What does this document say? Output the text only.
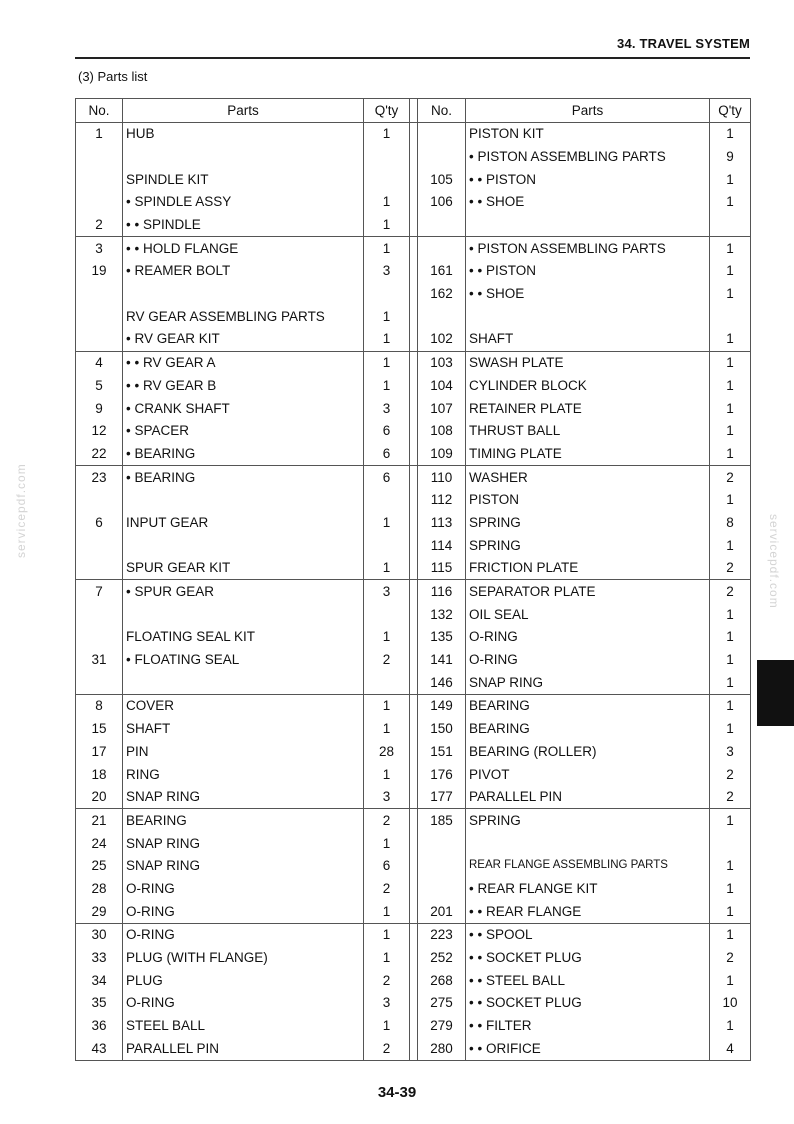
34. TRAVEL SYSTEM
(3) Parts list
No.	Parts	Q'ty		No.	Parts	Q'ty
1	HUB	1			PISTON KIT	1
					• PISTON ASSEMBLING PARTS	9
	SPINDLE KIT			105	• • PISTON	1
	• SPINDLE ASSY	1		106	• • SHOE	1
2	• • SPINDLE	1				
3	• • HOLD FLANGE	1			• PISTON ASSEMBLING PARTS	1
19	• REAMER BOLT	3		161	• • PISTON	1
				162	• • SHOE	1
	RV GEAR ASSEMBLING PARTS	1				
	• RV GEAR KIT	1		102	SHAFT	1
4	• • RV GEAR A	1		103	SWASH PLATE	1
5	• • RV GEAR B	1		104	CYLINDER BLOCK	1
9	• CRANK SHAFT	3		107	RETAINER PLATE	1
12	• SPACER	6		108	THRUST BALL	1
22	• BEARING	6		109	TIMING PLATE	1
23	• BEARING	6		110	WASHER	2
				112	PISTON	1
6	INPUT GEAR	1		113	SPRING	8
				114	SPRING	1
	SPUR GEAR KIT	1		115	FRICTION PLATE	2
7	• SPUR GEAR	3		116	SEPARATOR PLATE	2
				132	OIL SEAL	1
	FLOATING SEAL KIT	1		135	O-RING	1
31	• FLOATING SEAL	2		141	O-RING	1
				146	SNAP RING	1
8	COVER	1		149	BEARING	1
15	SHAFT	1		150	BEARING	1
17	PIN	28		151	BEARING (ROLLER)	3
18	RING	1		176	PIVOT	2
20	SNAP RING	3		177	PARALLEL PIN	2
21	BEARING	2		185	SPRING	1
24	SNAP RING	1				
25	SNAP RING	6			REAR FLANGE ASSEMBLING PARTS	1
28	O-RING	2			• REAR FLANGE KIT	1
29	O-RING	1		201	• • REAR FLANGE	1
30	O-RING	1		223	• • SPOOL	1
33	PLUG (WITH FLANGE)	1		252	• • SOCKET PLUG	2
34	PLUG	2		268	• • STEEL BALL	1
35	O-RING	3		275	• • SOCKET PLUG	10
36	STEEL BALL	1		279	• • FILTER	1
43	PARALLEL PIN	2		280	• • ORIFICE	4
servicepdf.com
servicepdf.com
34-39
